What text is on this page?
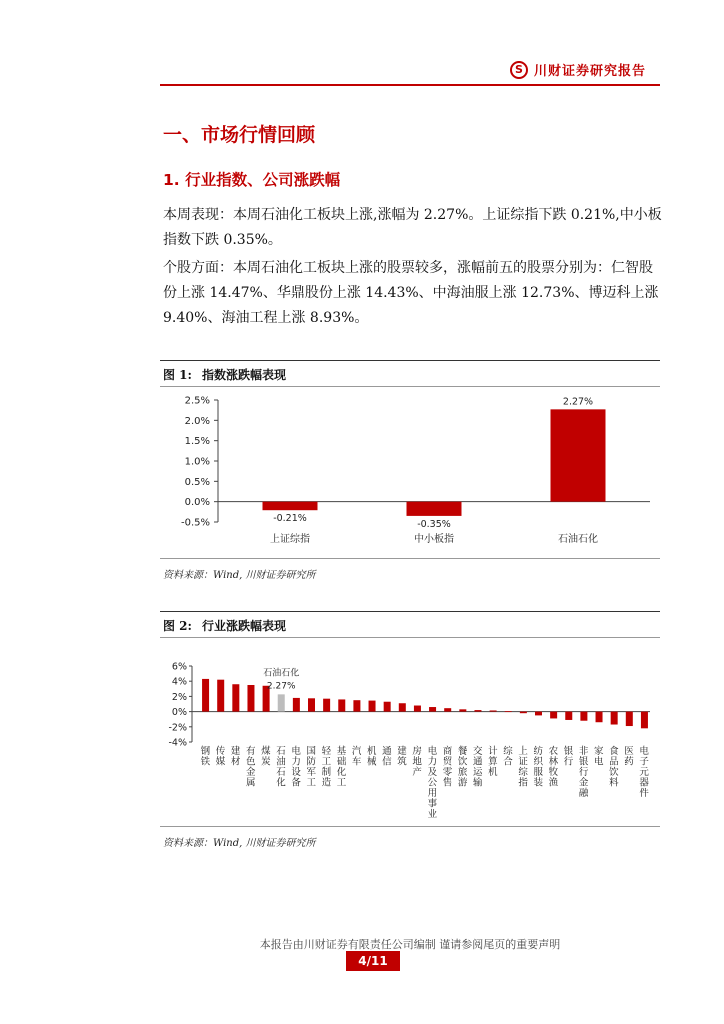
S 川财证券研究报告
一、市场行情回顾
1. 行业指数、公司涨跌幅
本周表现：本周石油化工板块上涨,涨幅为 2.27%。上证综指下跌 0.21%,中小板指数下跌 0.35%。
个股方面：本周石油化工板块上涨的股票较多，涨幅前五的股票分别为：仁智股份上涨 14.47%、华鼎股份上涨 14.43%、中海油服上涨 12.73%、博迈科上涨 9.40%、海油工程上涨 8.93%。
图 1: 指数涨跌幅表现
-0.5%
0.0%
0.5%
1.0%
1.5%
2.0%
2.5%
-0.21%
上证综指
-0.35%
中小板指
2.27%
石油石化
资料来源：Wind, 川财证券研究所
图 2: 行业涨跌幅表现
-4%
-2%
0%
2%
4%
6%
钢铁
传媒
建材
有色金属
煤炭
石油石化
2.27%
石油石化
电力设备
国防军工
轻工制造
基础化工
汽车
机械
通信
建筑
房地产
电力及公用事业
商贸零售
餐饮旅游
交通运输
计算机
综合
上证综指
纺织服装
农林牧渔
银行
非银行金融
家电
食品饮料
医药
电子元器件
资料来源：Wind, 川财证券研究所
本报告由川财证券有限责任公司编制 谨请参阅尾页的重要声明
4/11
